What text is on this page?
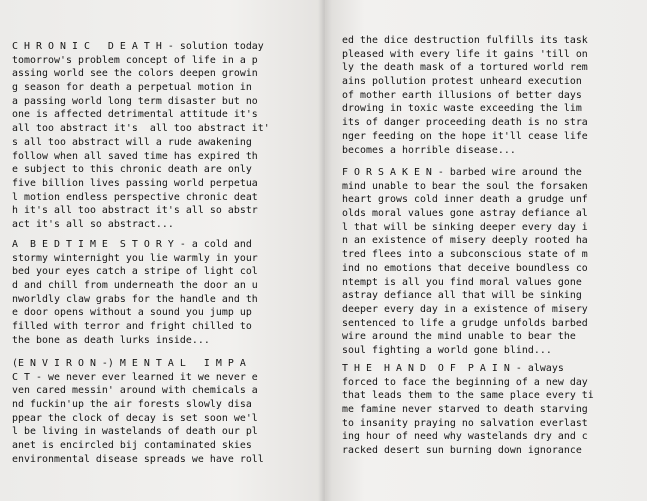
C H R O N I C   D E A T H - solution today
tomorrow's problem concept of life in a p
assing world see the colors deepen growin
g season for death a perpetual motion in
a passing world long term disaster but no
one is affected detrimental attitude it's
all too abstract it's  all too abstract it'
s all too abstract will a rude awakening
follow when all saved time has expired th
e subject to this chronic death are only
five billion lives passing world perpetua
l motion endless perspective chronic deat
h it's all too abstract it's all so abstr
act it's all so abstract...
A  B E D T I M E  S T O R Y - a cold and
stormy winternight you lie warmly in your
bed your eyes catch a stripe of light col
d and chill from underneath the door an u
nworldly claw grabs for the handle and th
e door opens without a sound you jump up
filled with terror and fright chilled to
the bone as death lurks inside...
(E N V I R O N -) M E N T A L   I M P A
C T - we never ever learned it we never e
ven cared messin' around with chemicals a
nd fuckin'up the air forests slowly disa
ppear the clock of decay is set soon we'l
l be living in wastelands of death our pl
anet is encircled bij contaminated skies
environmental disease spreads we have roll
ed the dice destruction fulfills its task
pleased with every life it gains 'till on
ly the death mask of a tortured world rem
ains pollution protest unheard execution
of mother earth illusions of better days
drowing in toxic waste exceeding the lim
its of danger proceeding death is no stra
nger feeding on the hope it'll cease life
becomes a horrible disease...
F O R S A K E N - barbed wire around the
mind unable to bear the soul the forsaken
heart grows cold inner death a grudge unf
olds moral values gone astray defiance al
l that will be sinking deeper every day i
n an existence of misery deeply rooted ha
tred flees into a subconscious state of m
ind no emotions that deceive boundless co
ntempt is all you find moral values gone
astray defiance all that will be sinking
deeper every day in a existence of misery
sentenced to life a grudge unfolds barbed
wire around the mind unable to bear the
soul fighting a world gone blind...
T H E  H A N D  O F  P A I N - always
forced to face the beginning of a new day
that leads them to the same place every ti
me famine never starved to death starving
to insanity praying no salvation everlast
ing hour of need why wastelands dry and c
racked desert sun burning down ignorance
